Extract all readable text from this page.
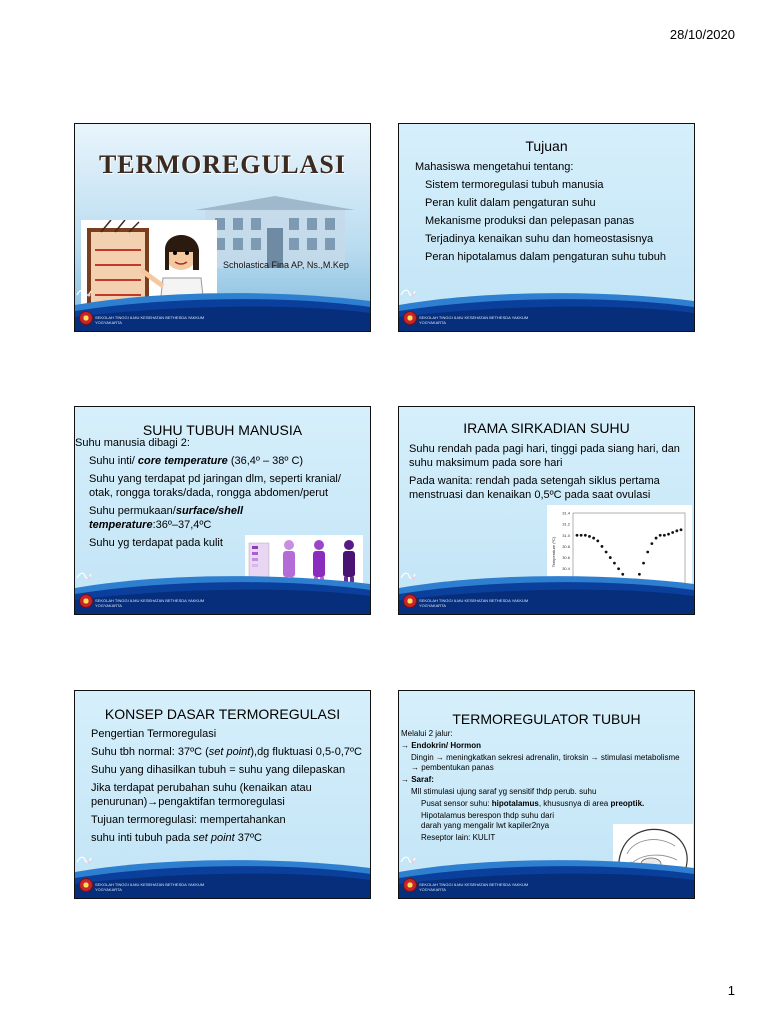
28/10/2020
TERMOREGULASI
Scholastica Fina AP, Ns.,M.Kep
SEKOLAH TINGGI ILMU KESEHATAN BETHESDA YAKKUM
YOGYAKARTA
Tujuan

Mahasiswa mengetahui tentang:

Sistem termoregulasi tubuh manusia

Peran kulit dalam pengaturan suhu

Mekanisme produksi dan pelepasan panas

Terjadinya kenaikan suhu dan homeostasisnya

Peran hipotalamus dalam pengaturan suhu tubuh

SEKOLAH TINGGI ILMU KESEHATAN BETHESDA YAKKUM
YOGYAKARTA
SUHU TUBUH MANUSIA

Suhu manusia dibagi 2:

Suhu inti/ core temperature (36,4º – 38º C)

Suhu yang terdapat pd jaringan dlm, seperti kranial/ otak, rongga toraks/dada, rongga abdomen/perut

Suhu permukaan/surface/shell temperature:36º–37,4ºC

Suhu yg terdapat pada kulit

SEKOLAH TINGGI ILMU KESEHATAN BETHESDA YAKKUM
YOGYAKARTA
IRAMA SIRKADIAN SUHU

Suhu rendah pada pagi hari, tinggi pada siang hari, dan suhu maksimum pada sore hari

Pada wanita: rendah pada setengah siklus pertama menstruasi dan kenaikan 0,5ºC pada saat ovulasi

31.4
31.2
31.0
30.8
30.6
30.4
Temperature (ºC)
SEKOLAH TINGGI ILMU KESEHATAN BETHESDA YAKKUM
YOGYAKARTA
KONSEP DASAR TERMOREGULASI

Pengertian Termoregulasi

Suhu tbh normal: 37ºC (set point),dg fluktuasi 0,5-0,7ºC

Suhu yang dihasilkan tubuh = suhu yang dilepaskan

Jika terdapat perubahan suhu (kenaikan atau penurunan)→pengaktifan termoregulasi

Tujuan termoregulasi: mempertahankan

suhu inti tubuh pada set point 37ºC

SEKOLAH TINGGI ILMU KESEHATAN BETHESDA YAKKUM
YOGYAKARTA
TERMOREGULATOR TUBUH

Melalui 2 jalur:

→ Endokrin/ Hormon

Dingin → meningkatkan sekresi adrenalin, tiroksin → stimulasi metabolisme → pembentukan panas

→ Saraf:

Mll stimulasi ujung saraf yg sensitif thdp perub. suhu

Pusat sensor suhu: hipotalamus, khususnya di area preoptik.

Hipotalamus berespon thdp suhu dari

darah yang mengalir lwt kapiler2nya

Reseptor lain: KULIT

SEKOLAH TINGGI ILMU KESEHATAN BETHESDA YAKKUM
YOGYAKARTA
1
